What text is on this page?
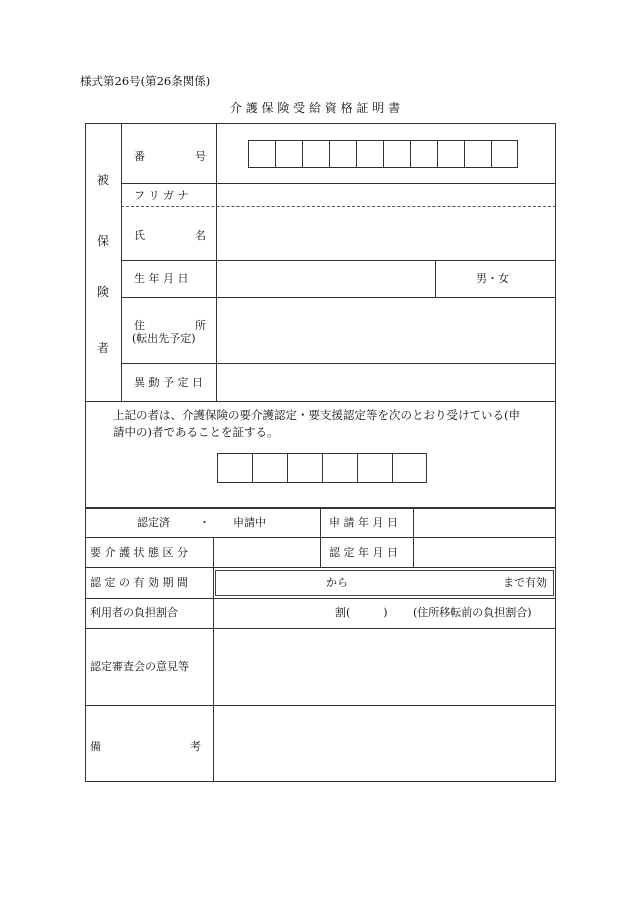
様式第26号(第26条関係)
介 護 保 険 受 給 資 格 証 明 書
被
保
険
者
番	号
フ リ ガ ナ
氏	名
生 年 月 日	男・女
住	所
(転出先予定)
異 動 予 定 日
上記の者は、介護保険の要介護認定・要支援認定等を次のとおり受けている(申
請中の)者であることを証する。
認定済	・ 申請中	申 請 年 月 日
要 介 護 状 態 区 分	認 定 年 月 日
認 定 の 有 効 期 間	から	まで有効
利用者の負担割合	割(　　　) (住所移転前の負担割合)
認定審査会の意見等
備	考
